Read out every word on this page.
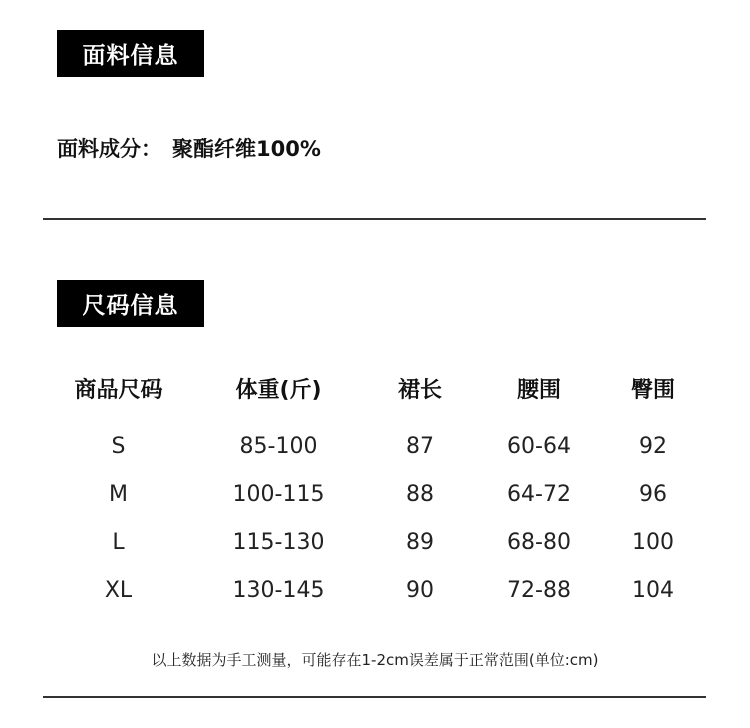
面料信息
面料成分： 聚酯纤维100%
尺码信息
商品尺码	体重(斤)	裙长	腰围	臀围
S	85-100	87	60-64	92
M	100-115	88	64-72	96
L	115-130	89	68-80	100
XL	130-145	90	72-88	104
以上数据为手工测量，可能存在1-2cm误差属于正常范围(单位:cm)
